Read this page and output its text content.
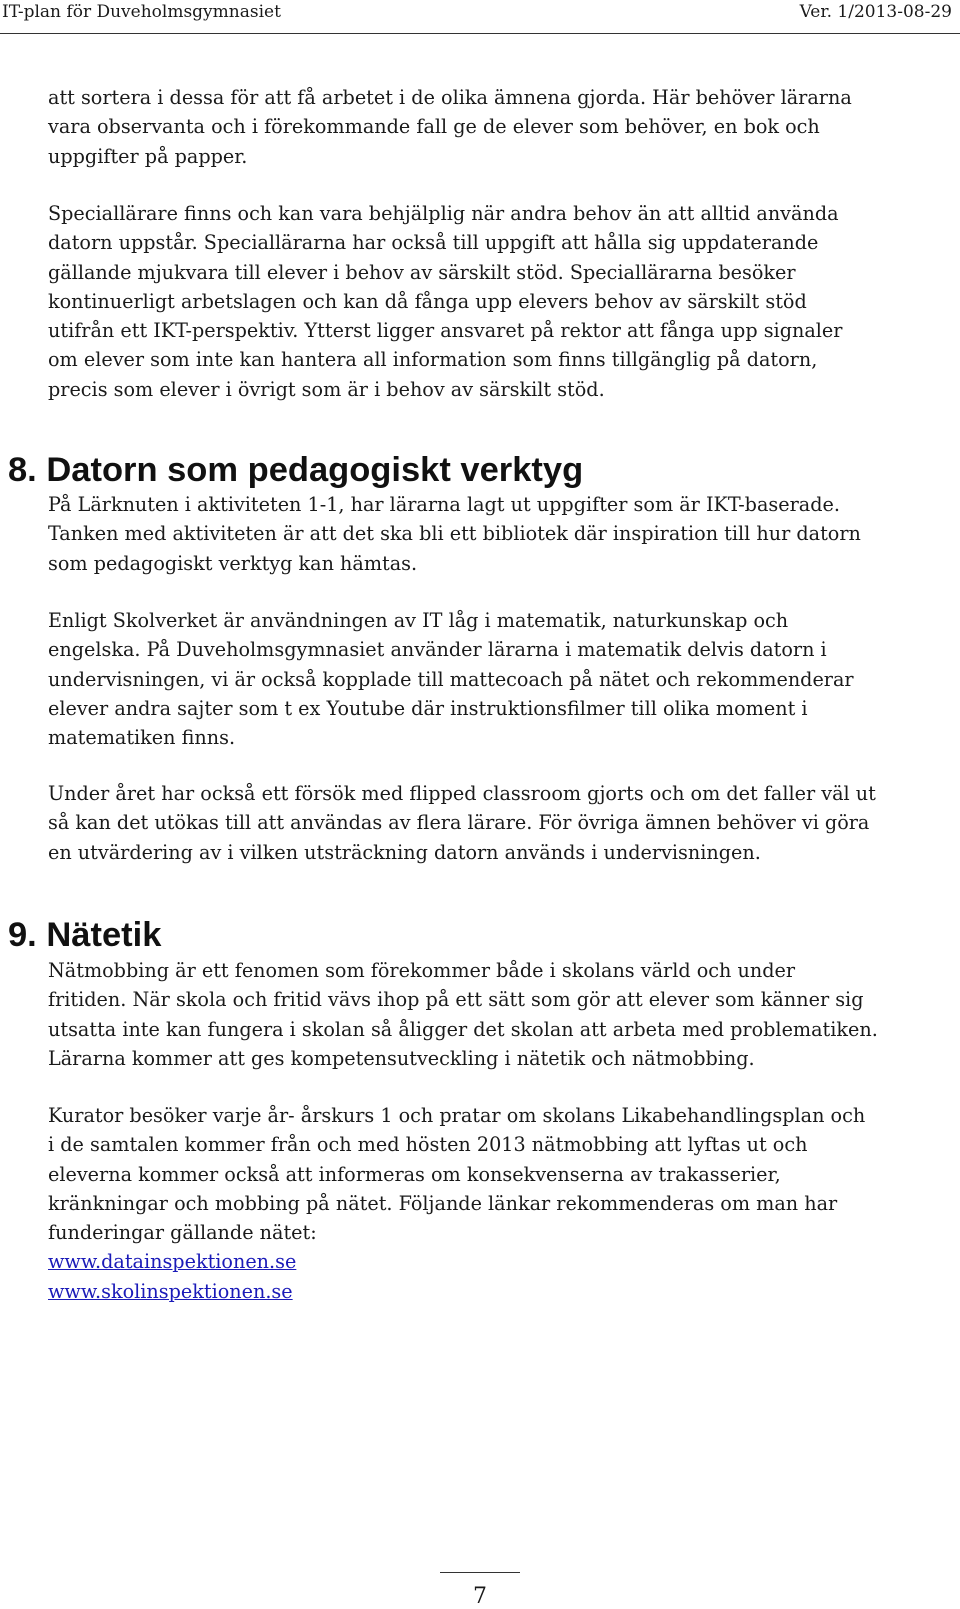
IT-plan för Duveholmsgymnasiet	Ver. 1/2013-08-29

att sortera i dessa för att få arbetet i de olika ämnena gjorda. Här behöver lärarna
vara observanta och i förekommande fall ge de elever som behöver, en bok och
uppgifter på papper.

Speciallärare finns och kan vara behjälplig när andra behov än att alltid använda
datorn uppstår. Speciallärarna har också till uppgift att hålla sig uppdaterande
gällande mjukvara till elever i behov av särskilt stöd. Speciallärarna besöker
kontinuerligt arbetslagen och kan då fånga upp elevers behov av särskilt stöd
utifrån ett IKT-perspektiv. Ytterst ligger ansvaret på rektor att fånga upp signaler
om elever som inte kan hantera all information som finns tillgänglig på datorn,
precis som elever i övrigt som är i behov av särskilt stöd.

8. Datorn som pedagogiskt verktyg

På Lärknuten i aktiviteten 1-1, har lärarna lagt ut uppgifter som är IKT-baserade.
Tanken med aktiviteten är att det ska bli ett bibliotek där inspiration till hur datorn
som pedagogiskt verktyg kan hämtas.

Enligt Skolverket är användningen av IT låg i matematik, naturkunskap och
engelska. På Duveholmsgymnasiet använder lärarna i matematik delvis datorn i
undervisningen, vi är också kopplade till mattecoach på nätet och rekommenderar
elever andra sajter som t ex Youtube där instruktionsfilmer till olika moment i
matematiken finns.

Under året har också ett försök med flipped classroom gjorts och om det faller väl ut
så kan det utökas till att användas av flera lärare. För övriga ämnen behöver vi göra
en utvärdering av i vilken utsträckning datorn används i undervisningen.

9. Nätetik

Nätmobbing är ett fenomen som förekommer både i skolans värld och under
fritiden. När skola och fritid vävs ihop på ett sätt som gör att elever som känner sig
utsatta inte kan fungera i skolan så åligger det skolan att arbeta med problematiken.
Lärarna kommer att ges kompetensutveckling i nätetik och nätmobbing.

Kurator besöker varje år- årskurs 1 och pratar om skolans Likabehandlingsplan och
i de samtalen kommer från och med hösten 2013 nätmobbing att lyftas ut och
eleverna kommer också att informeras om konsekvenserna av trakasserier,
kränkningar och mobbing på nätet. Följande länkar rekommenderas om man har
funderingar gällande nätet:

www.datainspektionen.se
www.skolinspektionen.se
7
